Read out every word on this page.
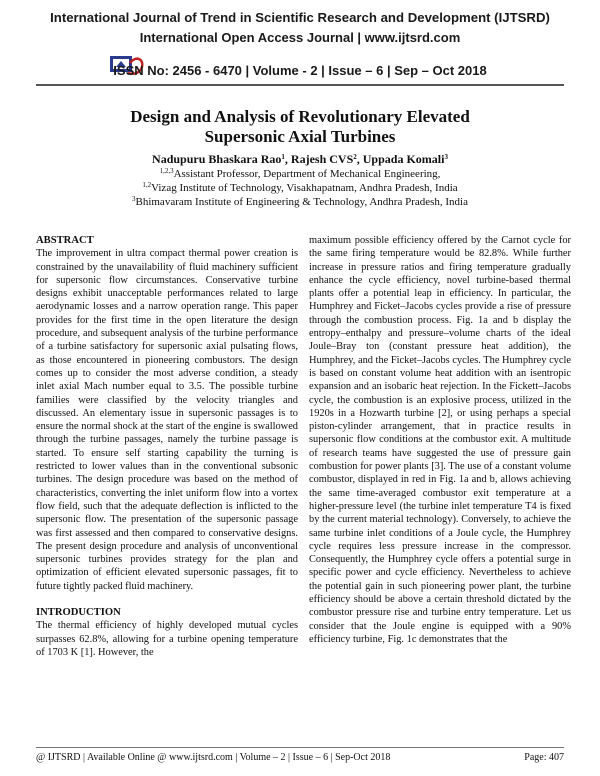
International Journal of Trend in Scientific Research and Development (IJTSRD)
International Open Access Journal | www.ijtsrd.com
ISSN No: 2456 - 6470 | Volume - 2 | Issue – 6 | Sep – Oct 2018
Design and Analysis of Revolutionary Elevated
Supersonic Axial Turbines
Nadupuru Bhaskara Rao$^1$, Rajesh CVS$^2$, Uppada Komali$^3$
$^{1,2,3}$Assistant Professor, Department of Mechanical Engineering,
$^{1,2}$Vizag Institute of Technology, Visakhapatnam, Andhra Pradesh, India
$^3$Bhimavaram Institute of Engineering & Technology, Andhra Pradesh, India
ABSTRACT

The improvement in ultra compact thermal power creation is constrained by the unavailability of fluid machinery sufficient for supersonic flow circumstances. Conservative turbine designs exhibit unacceptable performances related to large aerodynamic losses and a narrow operation range. This paper provides for the first time in the open literature the design procedure, and subsequent analysis of the turbine performance of a turbine satisfactory for supersonic axial pulsating flows, as those encountered in pioneering combustors. The design comes up to consider the most adverse condition, a steady inlet axial Mach number equal to 3.5. The possible turbine families were classified by the velocity triangles and discussed. An elementary issue in supersonic passages is to ensure the normal shock at the start of the engine is swallowed through the turbine passages, namely the turbine passage is started. To ensure self starting capability the turning is restricted to lower values than in the conventional subsonic turbines. The design procedure was based on the method of characteristics, converting the inlet uniform flow into a vortex flow field, such that the adequate deflection is inflicted to the supersonic flow. The presentation of the supersonic passage was first assessed and then compared to conservative designs. The present design procedure and analysis of unconventional supersonic turbines provides strategy for the plan and optimization of efficient elevated supersonic passages, fit to future tightly packed fluid machinery.

INTRODUCTION

The thermal efficiency of highly developed mutual cycles surpasses 62.8%, allowing for a turbine opening temperature of 1703 K [1]. However, the

maximum possible efficiency offered by the Carnot cycle for the same firing temperature would be 82.8%. While further increase in pressure ratios and firing temperature gradually enhance the cycle efficiency, novel turbine-based thermal plants offer a potential leap in efficiency. In particular, the Humphrey and Ficket–Jacobs cycles provide a rise of pressure through the combustion process. Fig. 1a and b display the entropy–enthalpy and pressure–volume charts of the ideal Joule–Bray ton (constant pressure heat addition), the Humphrey, and the Ficket–Jacobs cycles. The Humphrey cycle is based on constant volume heat addition with an isentropic expansion and an isobaric heat rejection. In the Fickett–Jacobs cycle, the combustion is an explosive process, utilized in the 1920s in a Hozwarth turbine [2], or using perhaps a special piston-cylinder arrangement, that in practice results in supersonic flow conditions at the combustor exit. A multitude of research teams have suggested the use of pressure gain combustion for power plants [3]. The use of a constant volume combustor, displayed in red in Fig. 1a and b, allows achieving the same time-averaged combustor exit temperature at a higher-pressure level (the turbine inlet temperature T4 is fixed by the current material technology). Conversely, to achieve the same turbine inlet conditions of a Joule cycle, the Humphrey cycle requires less pressure increase in the compressor. Consequently, the Humphrey cycle offers a potential surge in specific power and cycle efficiency. Nevertheless to achieve the potential gain in such pioneering power plant, the turbine efficiency should be above a certain threshold dictated by the combustor pressure rise and turbine entry temperature. Let us consider that the Joule engine is equipped with a 90% efficiency turbine, Fig. 1c demonstrates that the

@ IJTSRD | Available Online @ www.ijtsrd.com | Volume – 2 | Issue – 6 | Sep-Oct 2018	Page: 407
